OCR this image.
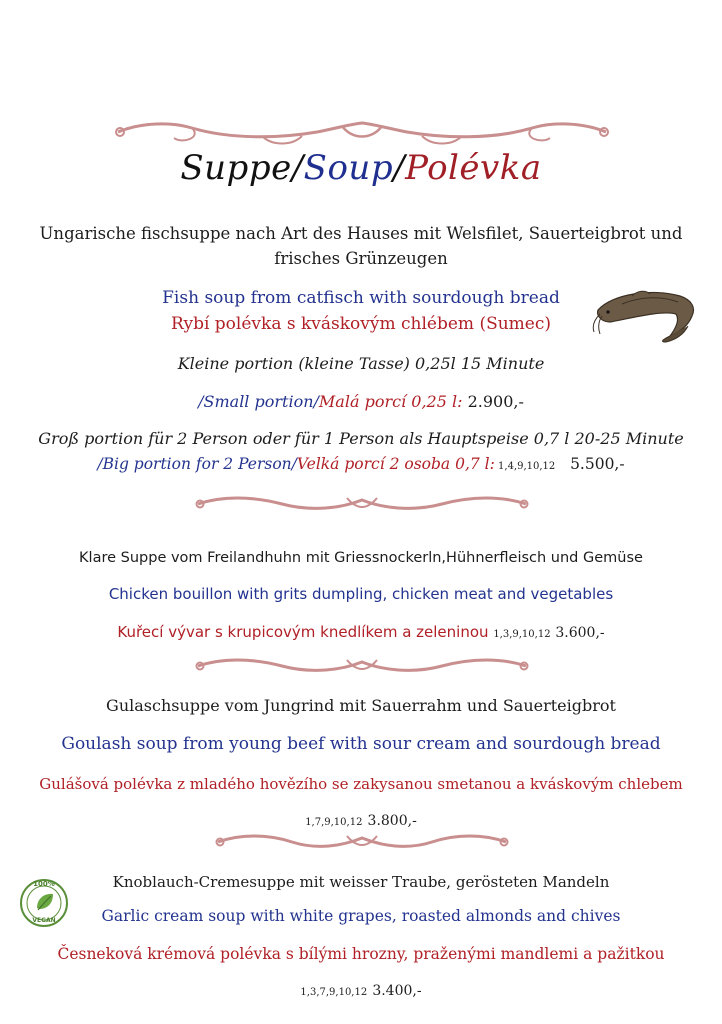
Suppe/Soup/Polévka
Ungarische fischsuppe nach Art des Hauses mit Welsfilet, Sauerteigbrot und
frisches Grünzeugen
Fish soup from catfisch with sourdough bread
Rybí polévka s kváskovým chlébem (Sumec)
Kleine portion (kleine Tasse) 0,25l 15 Minute
/Small portion/Malá porcí 0,25 l: 2.900,-
Groß portion für 2 Person oder für 1 Person als Hauptspeise 0,7 l 20-25 Minute
/Big portion for 2 Person/Velká porcí 2 osoba 0,7 l: 1,4,9,10,12 5.500,-
Klare Suppe vom Freilandhuhn mit Griessnockerln,Hühnerfleisch und Gemüse
Chicken bouillon with grits dumpling, chicken meat and vegetables
Kuřecí vývar s krupicovým knedlíkem a zeleninou 1,3,9,10,12 3.600,-
Gulaschsuppe vom Jungrind mit Sauerrahm und Sauerteigbrot
Goulash soup from young beef with sour cream and sourdough bread
Gulášová polévka z mladého hovězího se zakysanou smetanou a kváskovým chlebem
1,7,9,10,12 3.800,-
100%
VEGAN
Knoblauch-Cremesuppe mit weisser Traube, gerösteten Mandeln
Garlic cream soup with white grapes, roasted almonds and chives
Česneková krémová polévka s bílými hrozny, praženými mandlemi a pažitkou
1,3,7,9,10,12 3.400,-
